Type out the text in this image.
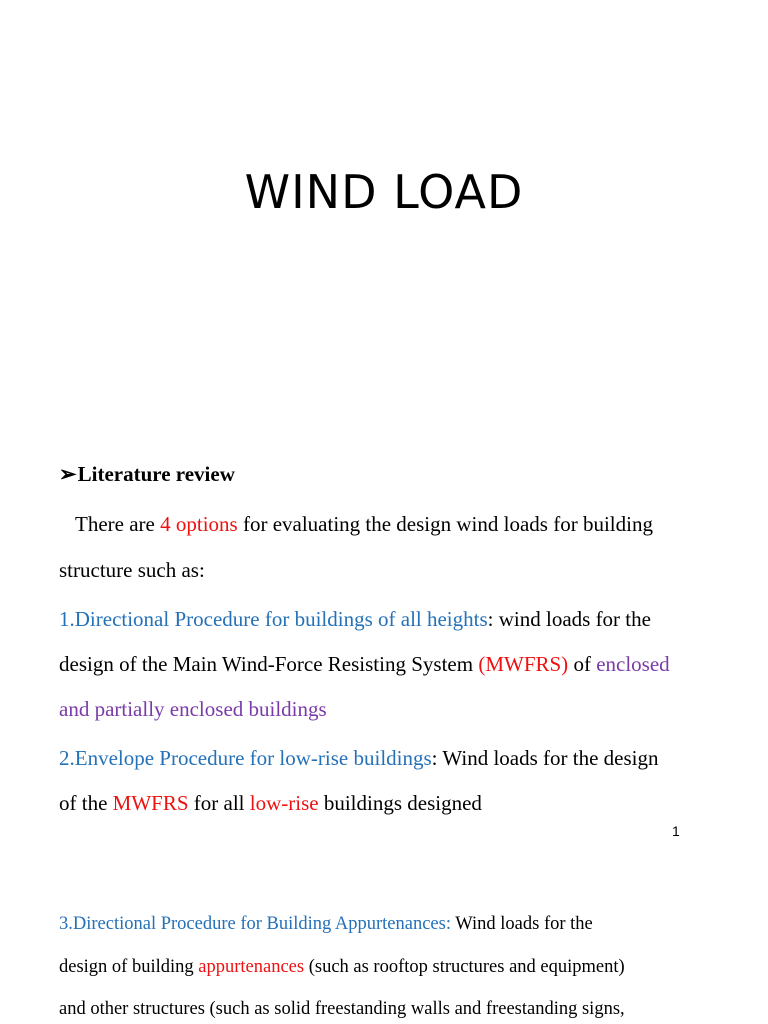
WIND LOAD
➢Literature review
There are 4 options for evaluating the design wind loads for building
structure such as:
1.Directional Procedure for buildings of all heights: wind loads for the
design of the Main Wind-Force Resisting System (MWFRS) of enclosed
and partially enclosed buildings
2.Envelope Procedure for low-rise buildings: Wind loads for the design
of the MWFRS for all low-rise buildings designed
1
3.Directional Procedure for Building Appurtenances: Wind loads for the
design of building appurtenances (such as rooftop structures and equipment)
and other structures (such as solid freestanding walls and freestanding signs,
